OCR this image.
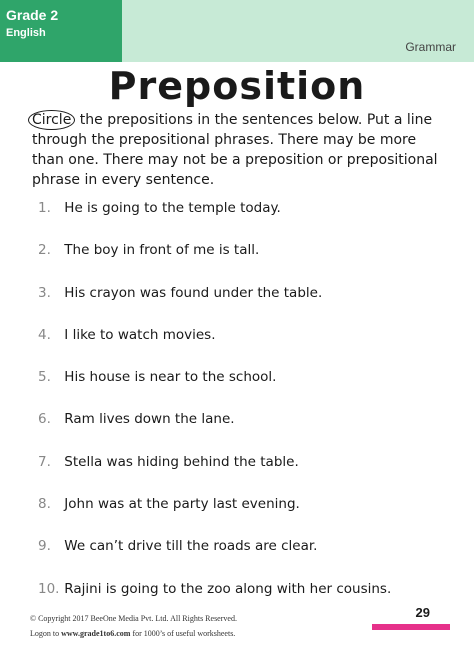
Grade 2
English
Grammar
Preposition
Circle the prepositions in the sentences below. Put a line through the prepositional phrases. There may be more than one. There may not be a preposition or prepositional phrase in every sentence.
1. He is going to the temple today.
2. The boy in front of me is tall.
3. His crayon was found under the table.
4. I like to watch movies.
5. His house is near to the school.
6. Ram lives down the lane.
7. Stella was hiding behind the table.
8. John was at the party last evening.
9. We can’t drive till the roads are clear.
10. Rajini is going to the zoo along with her cousins.
© Copyright 2017 BeeOne Media Pvt. Ltd. All Rights Reserved.
Logon to www.grade1to6.com for 1000’s of useful worksheets.
29
